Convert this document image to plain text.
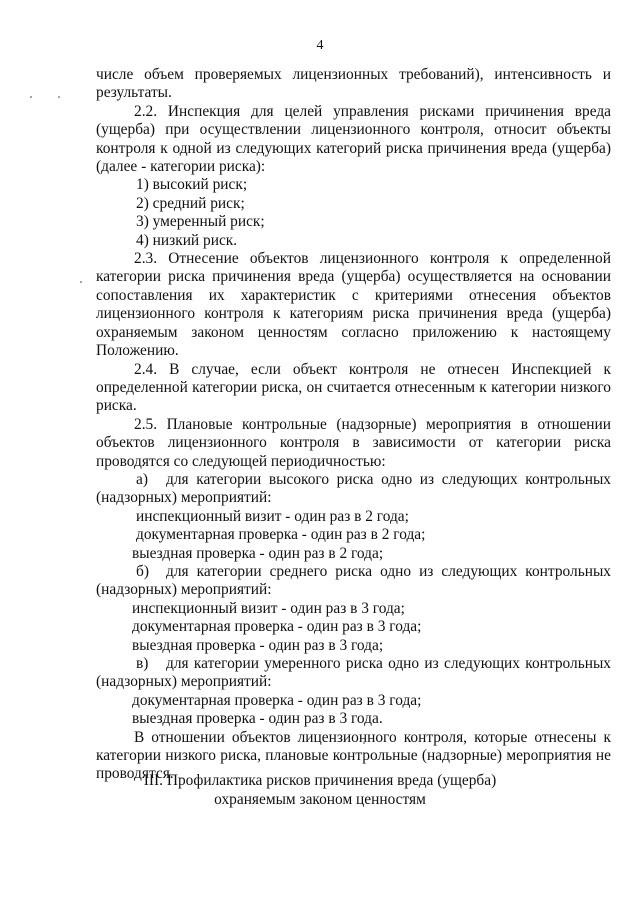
4

числе объем проверяемых лицензионных требований), интенсивность и результаты.

2.2. Инспекция для целей управления рисками причинения вреда (ущерба) при осуществлении лицензионного контроля, относит объекты контроля к одной из следующих категорий риска причинения вреда (ущерба) (далее - категории риска):

1) высокий риск;

2) средний риск;

3) умеренный риск;

4) низкий риск.

2.3. Отнесение объектов лицензионного контроля к определенной категории риска причинения вреда (ущерба) осуществляется на основании сопоставления их характеристик с критериями отнесения объектов лицензионного контроля к категориям риска причинения вреда (ущерба) охраняемым законом ценностям согласно приложению к настоящему Положению.

2.4. В случае, если объект контроля не отнесен Инспекцией к определенной категории риска, он считается отнесенным к категории низкого риска.

2.5. Плановые контрольные (надзорные) мероприятия в отношении объектов лицензионного контроля в зависимости от категории риска проводятся со следующей периодичностью:

а)	для категории высокого риска одно из следующих контрольных

(надзорных) мероприятий:

инспекционный визит - один раз в 2 года;

документарная проверка - один раз в 2 года;

выездная проверка - один раз в 2 года;

б)	для категории среднего риска одно из следующих контрольных

(надзорных) мероприятий:

инспекционный визит - один раз в 3 года;

документарная проверка - один раз в 3 года;

выездная проверка - один раз в 3 года;

в)	для категории умеренного риска одно из следующих контрольных

(надзорных) мероприятий:

документарная проверка - один раз в 3 года;

выездная проверка - один раз в 3 года.

В отношении объектов лицензионного контроля, которые отнесены к категории низкого риска, плановые контрольные (надзорные) мероприятия не проводятся.

III. Профилактика рисков причинения вреда (ущерба)
охраняемым законом ценностям
